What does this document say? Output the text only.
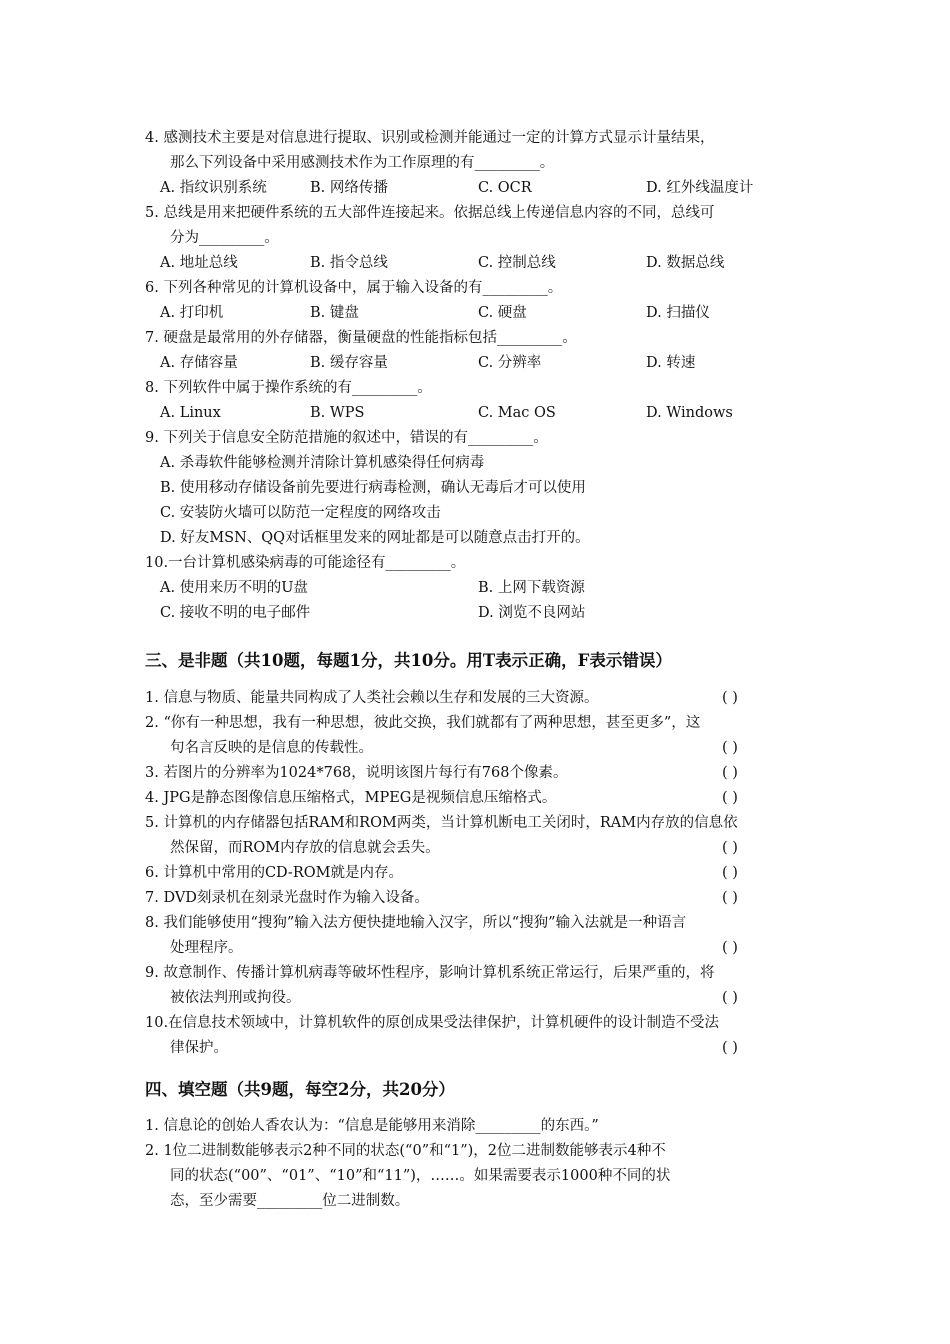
4. 感测技术主要是对信息进行提取、识别或检测并能通过一定的计算方式显示计量结果，
那么下列设备中采用感测技术作为工作原理的有_________。
A. 指纹识别系统	B. 网络传播	C. OCR	D. 红外线温度计
5. 总线是用来把硬件系统的五大部件连接起来。依据总线上传递信息内容的不同，总线可
分为_________。
A. 地址总线	B. 指令总线	C. 控制总线	D. 数据总线
6. 下列各种常见的计算机设备中，属于输入设备的有_________。
A. 打印机	B. 键盘	C. 硬盘	D. 扫描仪
7. 硬盘是最常用的外存储器，衡量硬盘的性能指标包括_________。
A. 存储容量	B. 缓存容量	C. 分辨率	D. 转速
8. 下列软件中属于操作系统的有_________。
A. Linux	B. WPS	C. Mac OS	D. Windows
9. 下列关于信息安全防范措施的叙述中，错误的有_________。
A. 杀毒软件能够检测并清除计算机感染得任何病毒
B. 使用移动存储设备前先要进行病毒检测，确认无毒后才可以使用
C. 安装防火墙可以防范一定程度的网络攻击
D. 好友MSN、QQ对话框里发来的网址都是可以随意点击打开的。
10.一台计算机感染病毒的可能途径有_________。
A. 使用来历不明的U盘	B. 上网下载资源
C. 接收不明的电子邮件	D. 浏览不良网站
三、是非题（共10题，每题1分，共10分。用T表示正确，F表示错误）
1. 信息与物质、能量共同构成了人类社会赖以生存和发展的三大资源。	( )
2. “你有一种思想，我有一种思想，彼此交换，我们就都有了两种思想，甚至更多”，这
句名言反映的是信息的传载性。	( )
3. 若图片的分辨率为1024*768，说明该图片每行有768个像素。	( )
4. JPG是静态图像信息压缩格式，MPEG是视频信息压缩格式。	( )
5. 计算机的内存储器包括RAM和ROM两类，当计算机断电工关闭时，RAM内存放的信息依
然保留，而ROM内存放的信息就会丢失。	( )
6. 计算机中常用的CD-ROM就是内存。	( )
7. DVD刻录机在刻录光盘时作为输入设备。	( )
8. 我们能够使用“搜狗”输入法方便快捷地输入汉字，所以“搜狗”输入法就是一种语言
处理程序。	( )
9. 故意制作、传播计算机病毒等破坏性程序，影响计算机系统正常运行，后果严重的，将
被依法判刑或拘役。	( )
10.在信息技术领域中，计算机软件的原创成果受法律保护，计算机硬件的设计制造不受法
律保护。	( )
四、填空题（共9题，每空2分，共20分）
1. 信息论的创始人香农认为：“信息是能够用来消除_________的东西。”
2. 1位二进制数能够表示2种不同的状态(“0”和“1”)，2位二进制数能够表示4种不
同的状态(“00”、“01”、“10”和“11”)，……。如果需要表示1000种不同的状
态，至少需要_________位二进制数。
